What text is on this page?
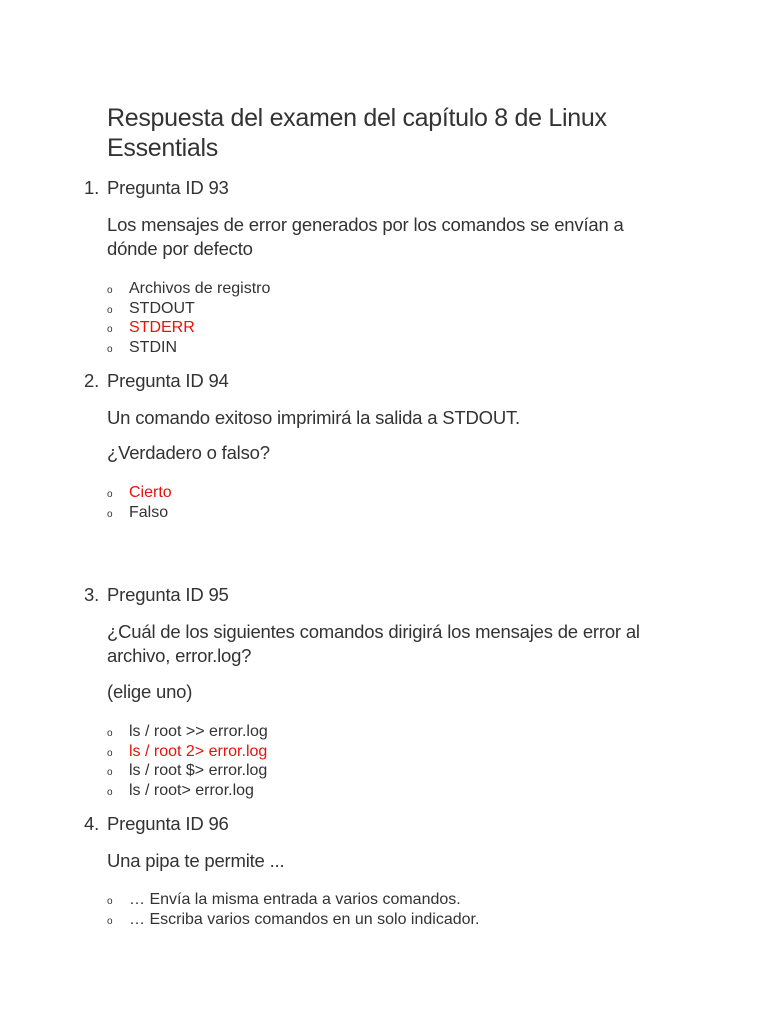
Respuesta del examen del capítulo 8 de Linux Essentials
1. Pregunta ID 93

Los mensajes de error generados por los comandos se envían a dónde por defecto

o Archivos de registro
o STDOUT
o STDERR
o STDIN
2. Pregunta ID 94

Un comando exitoso imprimirá la salida a STDOUT.

¿Verdadero o falso?

o Cierto
o Falso
3. Pregunta ID 95

¿Cuál de los siguientes comandos dirigirá los mensajes de error al archivo, error.log?

(elige uno)

o ls / root >> error.log
o ls / root 2> error.log
o ls / root $> error.log
o ls / root> error.log
4. Pregunta ID 96

Una pipa te permite ...

o … Envía la misma entrada a varios comandos.
o … Escriba varios comandos en un solo indicador.
